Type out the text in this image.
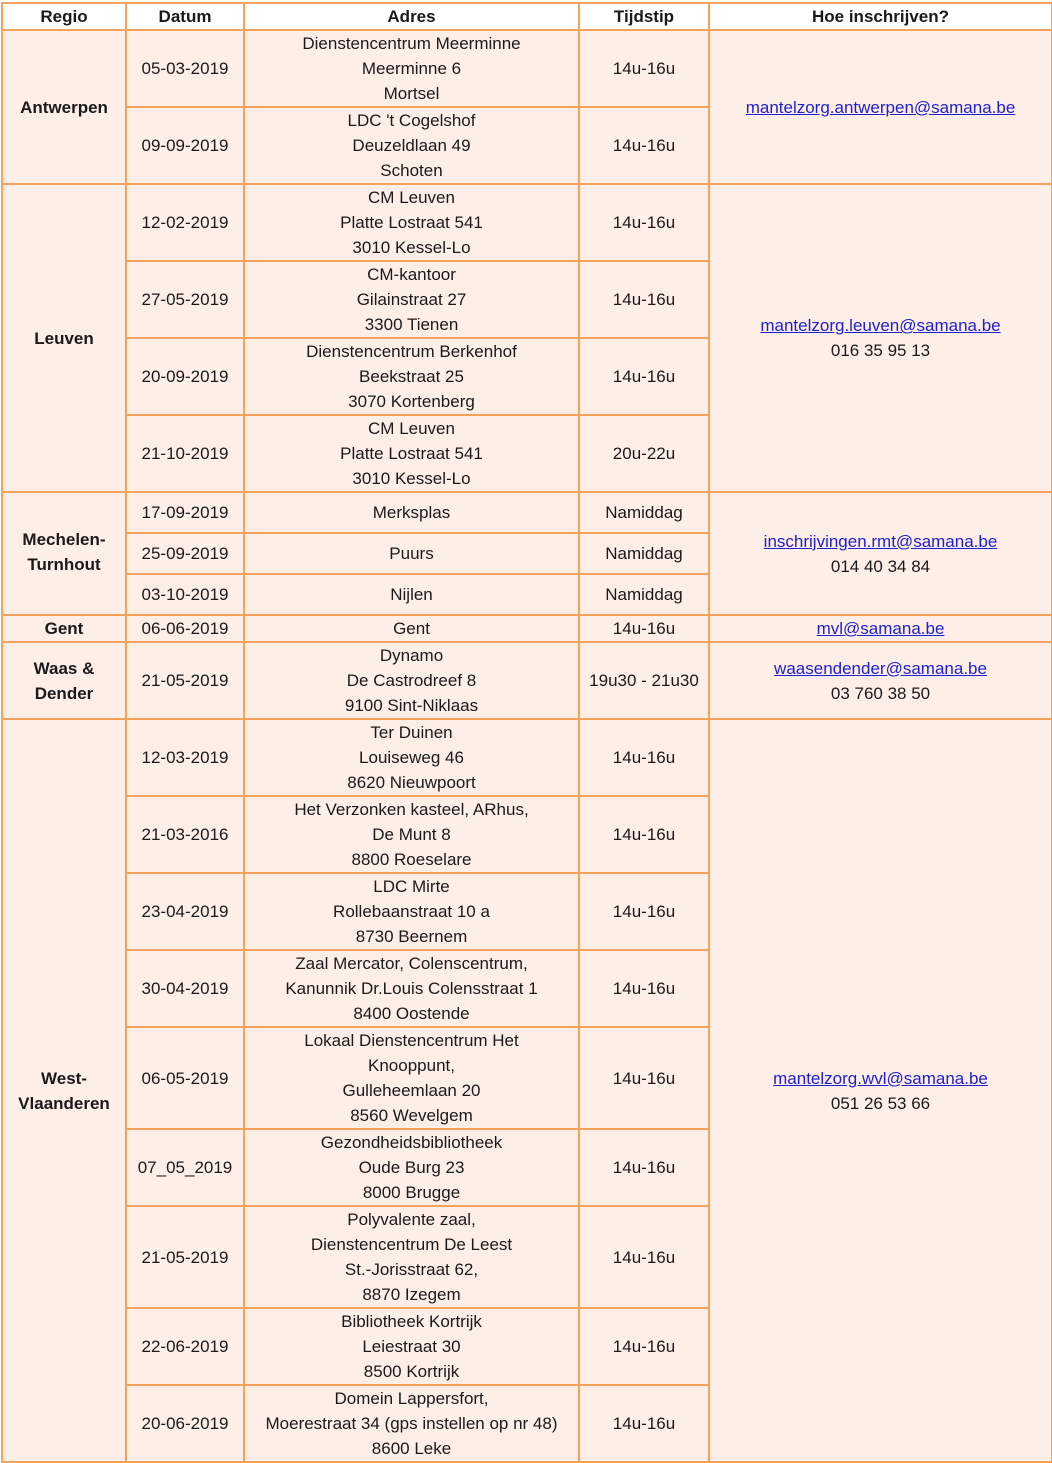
Regio	Datum	Adres	Tijdstip	Hoe inschrijven?

Antwerpen	05-03-2019	Dienstencentrum Meerminne
Meerminne 6
Mortsel	14u-16u	mantelzorg.antwerpen@samana.be
	09-09-2019	LDC 't Cogelshof
Deuzeldlaan 49
Schoten	14u-16u	

Leuven	12-02-2019	CM Leuven
Platte Lostraat 541
3010 Kessel-Lo	14u-16u	mantelzorg.leuven@samana.be
016 35 95 13

	27-05-2019	CM-kantoor
Gilainstraat 27
3300 Tienen	14u-16u	
	20-09-2019	Dienstencentrum Berkenhof
Beekstraat 25
3070 Kortenberg	14u-16u	
	21-10-2019	CM Leuven
Platte Lostraat 541
3010 Kessel-Lo	20u-22u	

Mechelen-
Turnhout	17-09-2019	Merksplas	Namiddag	inschrijvingen.rmt@samana.be
014 40 34 84

	25-09-2019	Puurs	Namiddag	
	03-10-2019	Nijlen	Namiddag	

Gent	06-06-2019	Gent	14u-16u	mvl@samana.be

Waas &
Dender	21-05-2019	Dynamo
De Castrodreef 8
9100 Sint-Niklaas	19u30 - 21u30	waasendender@samana.be
03 760 38 50

West-
Vlaanderen	12-03-2019	Ter Duinen
Louiseweg 46
8620 Nieuwpoort	14u-16u	mantelzorg.wvl@samana.be
051 26 53 66

	21-03-2016	Het Verzonken kasteel, ARhus,
De Munt 8
8800 Roeselare	14u-16u	
	23-04-2019	LDC Mirte
Rollebaanstraat 10 a
8730 Beernem	14u-16u	
	30-04-2019	Zaal Mercator, Colenscentrum,
Kanunnik Dr.Louis Colensstraat 1
8400 Oostende	14u-16u	
	06-05-2019	Lokaal Dienstencentrum Het
Knooppunt,
Gulleheemlaan 20
8560 Wevelgem	14u-16u	
	07_05_2019	Gezondheidsbibliotheek
Oude Burg 23
8000 Brugge	14u-16u	
	21-05-2019	Polyvalente zaal,
Dienstencentrum De Leest
St.-Jorisstraat 62,
8870 Izegem	14u-16u	
	22-06-2019	Bibliotheek Kortrijk
Leiestraat 30
8500 Kortrijk	14u-16u	
	20-06-2019	Domein Lappersfort,
Moerestraat 34 (gps instellen op nr 48)
8600 Leke	14u-16u	
